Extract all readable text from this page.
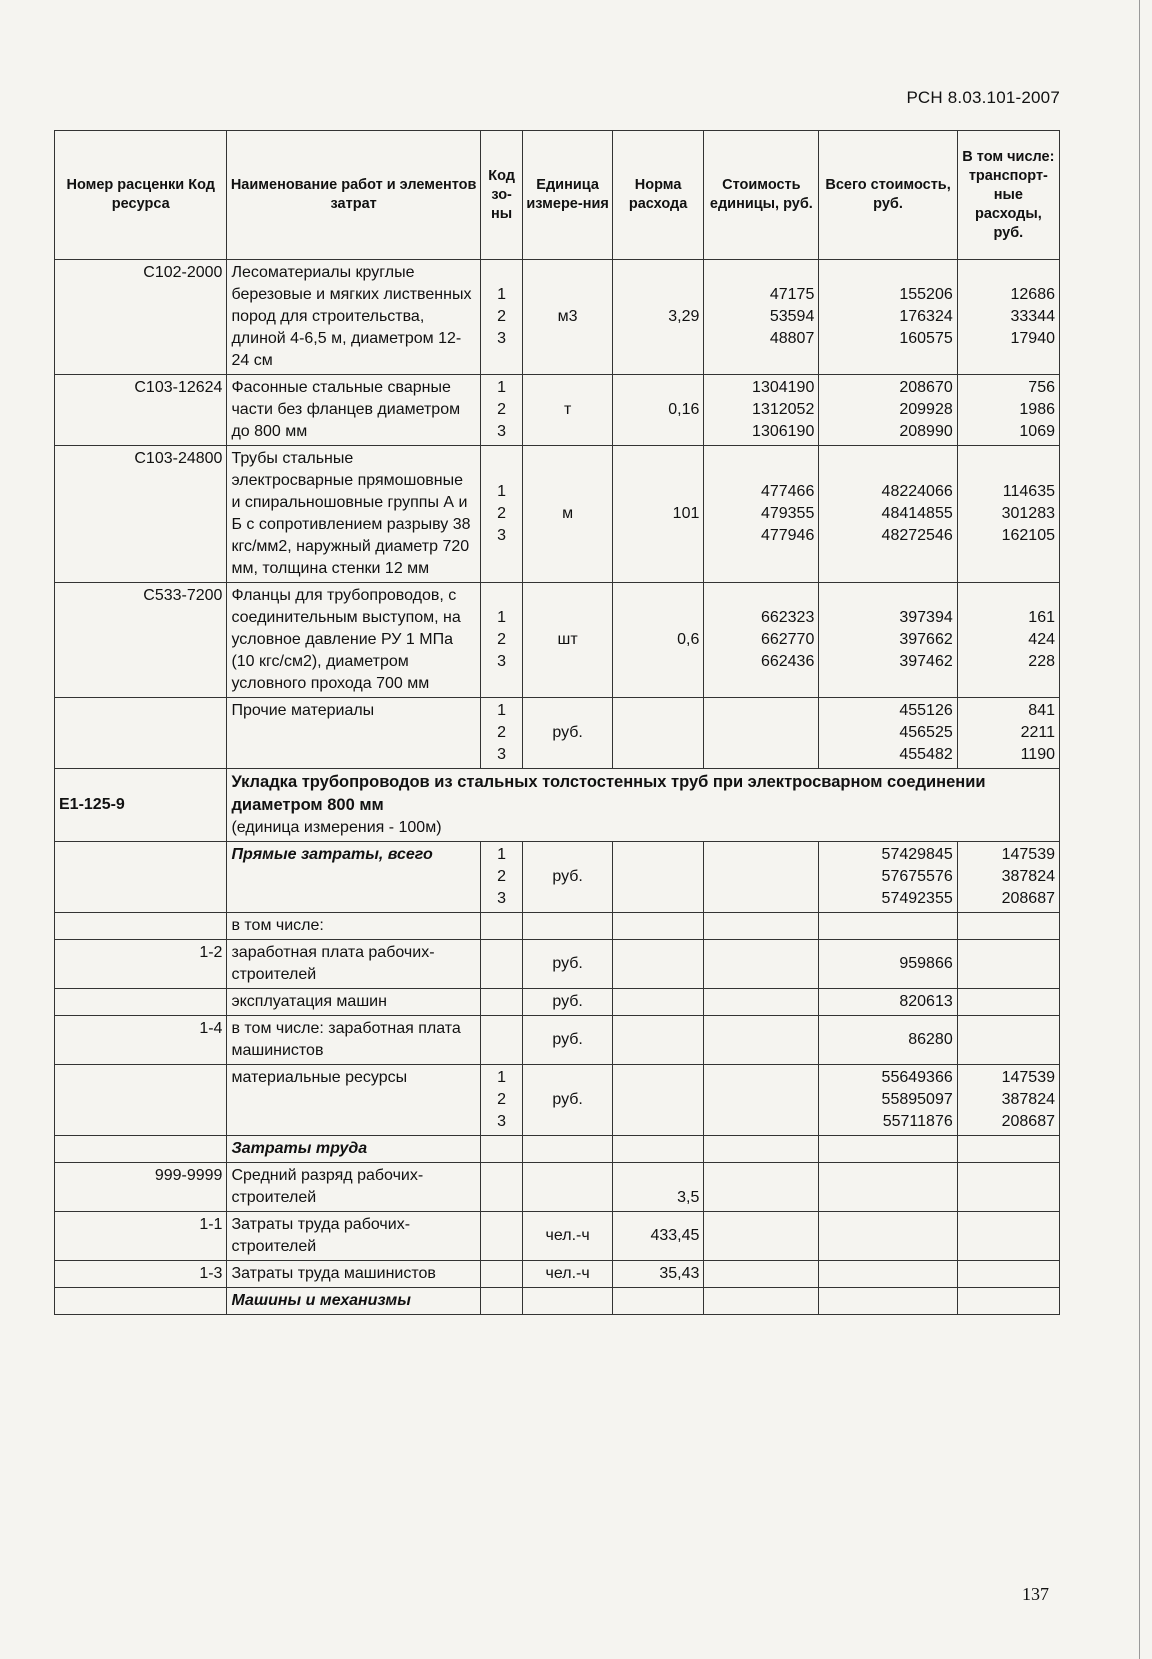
РСН 8.03.101-2007
Номер расценки Код ресурса	Наименование работ и элементов затрат	Код зо-ны	Единица измере-ния	Норма расхода	Стоимость единицы, руб.	Всего стоимость, руб.	В том числе: транспорт-ные расходы, руб.
С102-2000	Лесоматериалы круглые березовые и мягких лиственных пород для строительства, длиной 4-6,5 м, диаметром 12-24 см	1
2
3	м3	3,29	47175
53594
48807	155206
176324
160575	12686
33344
17940

С103-12624	Фасонные стальные сварные части без фланцев диаметром до 800 мм	1
2
3	т	0,16	1304190
1312052
1306190	208670
209928
208990	756
1986
1069

С103-24800	Трубы стальные электросварные прямошовные и спиральношовные группы А и Б с сопротивлением разрыву 38 кгс/мм2, наружный диаметр 720 мм, толщина стенки 12 мм	1
2
3	м	101	477466
479355
477946	48224066
48414855
48272546	114635
301283
162105

С533-7200	Фланцы для трубопроводов, с соединительным выступом, на условное давление РУ 1 МПа (10 кгс/см2), диаметром условного прохода 700 мм	1
2
3	шт	0,6	662323
662770
662436	397394
397662
397462	161
424
228

	Прочие материалы	1
2
3	руб.			455126
456525
455482	841
2211
1190

Е1-125-9	Укладка трубопроводов из стальных толстостенных труб при электросварном соединении диаметром 800 мм
(единица измерения - 100м)						
	Прямые затраты, всего	1
2
3	руб.			57429845
57675576
57492355	147539
387824
208687

	в том числе:						
1-2	заработная плата рабочих-строителей		руб.			959866	
	эксплуатация машин		руб.			820613	
1-4	в том числе: заработная плата машинистов		руб.			86280	
	материальные ресурсы	1
2
3	руб.			55649366
55895097
55711876	147539
387824
208687

	Затраты труда						
999-9999	Средний разряд рабочих-строителей			3,5			
1-1	Затраты труда рабочих-строителей		чел.-ч	433,45			
1-3	Затраты труда машинистов		чел.-ч	35,43			
	Машины и механизмы						
137
